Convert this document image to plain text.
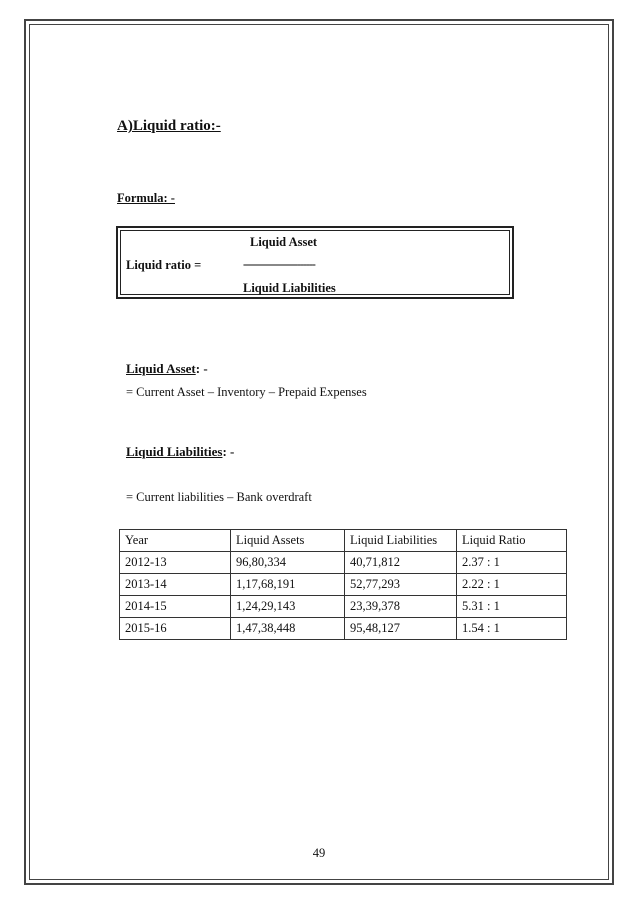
A)Liquid ratio:-
Formula: -
Liquid Asset
Liquid ratio =	------------------------
Liquid Liabilities
Liquid Asset: -
= Current Asset – Inventory – Prepaid Expenses
Liquid Liabilities: -
= Current liabilities – Bank overdraft
Year	Liquid Assets	Liquid Liabilities	Liquid Ratio
2012-13	96,80,334	40,71,812	2.37 : 1
2013-14	1,17,68,191	52,77,293	2.22 : 1
2014-15	1,24,29,143	23,39,378	5.31 : 1
2015-16	1,47,38,448	95,48,127	1.54 : 1
49
